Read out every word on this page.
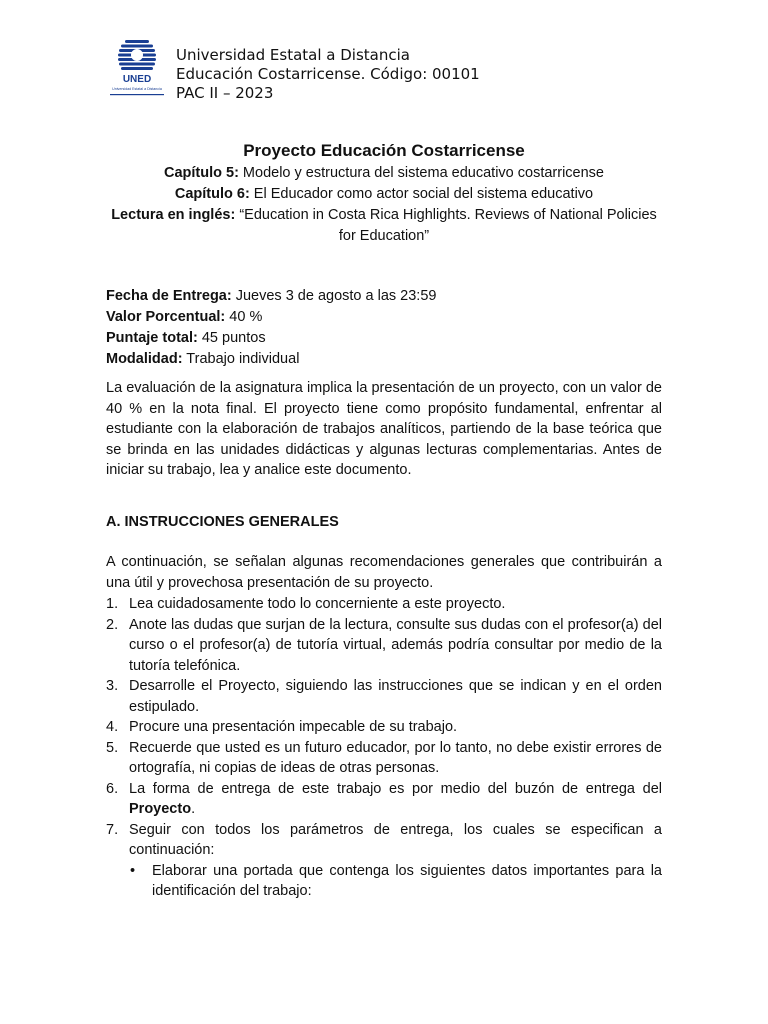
UNED
Universidad Estatal a Distancia
Universidad Estatal a Distancia
Educación Costarricense. Código: 00101
PAC II – 2023
Proyecto Educación Costarricense
Capítulo 5: Modelo y estructura del sistema educativo costarricense
Capítulo 6: El Educador como actor social del sistema educativo
Lectura en inglés: “Education in Costa Rica Highlights. Reviews of National Policies for Education”
Fecha de Entrega: Jueves 3 de agosto a las 23:59
Valor Porcentual: 40 %
Puntaje total: 45 puntos
Modalidad: Trabajo individual
La evaluación de la asignatura implica la presentación de un proyecto, con un valor de 40 % en la nota final. El proyecto tiene como propósito fundamental, enfrentar al estudiante con la elaboración de trabajos analíticos, partiendo de la base teórica que se brinda en las unidades didácticas y algunas lecturas complementarias. Antes de iniciar su trabajo, lea y analice este documento.
A. INSTRUCCIONES GENERALES
A continuación, se señalan algunas recomendaciones generales que contribuirán a una útil y provechosa presentación de su proyecto.
1. Lea cuidadosamente todo lo concerniente a este proyecto.
2. Anote las dudas que surjan de la lectura, consulte sus dudas con el profesor(a) del curso o el profesor(a) de tutoría virtual, además podría consultar por medio de la tutoría telefónica.
3. Desarrolle el Proyecto, siguiendo las instrucciones que se indican y en el orden estipulado.
4. Procure una presentación impecable de su trabajo.
5. Recuerde que usted es un futuro educador, por lo tanto, no debe existir errores de ortografía, ni copias de ideas de otras personas.
6. La forma de entrega de este trabajo es por medio del buzón de entrega del Proyecto.
7. Seguir con todos los parámetros de entrega, los cuales se especifican a continuación:
• Elaborar una portada que contenga los siguientes datos importantes para la identificación del trabajo:
